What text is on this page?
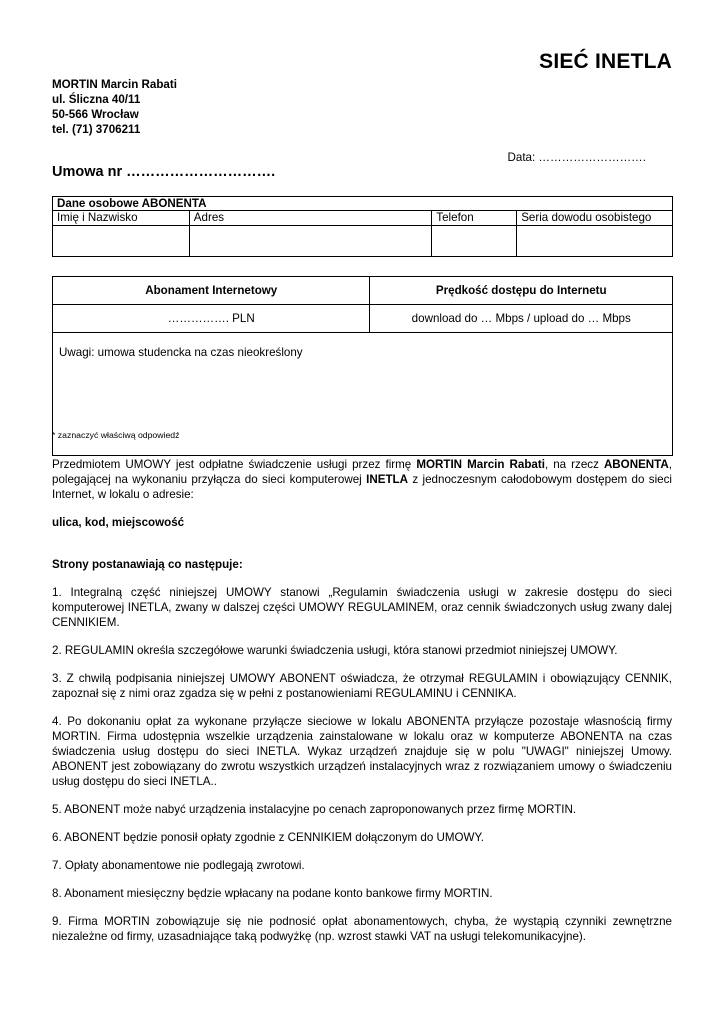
SIEĆ INETLA
MORTIN Marcin Rabati
ul. Śliczna 40/11
50-566 Wrocław
tel. (71) 3706211
Data: ……………………….
Umowa nr ………………………….
Dane osobowe ABONENTA			
Imię i Nazwisko	Adres	Telefon	Seria dowodu osobistego

Abonament Internetowy	Prędkość dostępu do Internetu
……………. PLN	download do … Mbps / upload do … Mbps
Uwagi: umowa studencka na czas nieokreślony	
* zaznaczyć właściwą odpowiedź

Przedmiotem UMOWY jest odpłatne świadczenie usługi przez firmę MORTIN Marcin Rabati, na rzecz ABONENTA, polegającej na wykonaniu przyłącza do sieci komputerowej INETLA z jednoczesnym całodobowym dostępem do sieci Internet, w lokalu o adresie:

ulica, kod, miejscowość

Strony postanawiają co następuje:

1. Integralną część niniejszej UMOWY stanowi „Regulamin świadczenia usługi w zakresie dostępu do sieci komputerowej INETLA, zwany w dalszej części UMOWY REGULAMINEM, oraz cennik świadczonych usług zwany dalej CENNIKIEM.

2. REGULAMIN określa szczegółowe warunki świadczenia usługi, która stanowi przedmiot niniejszej UMOWY.

3. Z chwilą podpisania niniejszej UMOWY ABONENT oświadcza, że otrzymał REGULAMIN i obowiązujący CENNIK, zapoznał się z nimi oraz zgadza się w pełni z postanowieniami REGULAMINU i CENNIKA.

4. Po dokonaniu opłat za wykonane przyłącze sieciowe w lokalu ABONENTA przyłącze pozostaje własnością firmy MORTIN. Firma udostępnia wszelkie urządzenia zainstalowane w lokalu oraz w komputerze ABONENTA na czas świadczenia usług dostępu do sieci INETLA. Wykaz urządzeń znajduje się w polu "UWAGI" niniejszej Umowy. ABONENT jest zobowiązany do zwrotu wszystkich urządzeń instalacyjnych wraz z rozwiązaniem umowy o świadczeniu usług dostępu do sieci INETLA..

5. ABONENT może nabyć urządzenia instalacyjne po cenach zaproponowanych przez firmę MORTIN.

6. ABONENT będzie ponosił opłaty zgodnie z CENNIKIEM dołączonym do UMOWY.

7. Opłaty abonamentowe nie podlegają zwrotowi.

8. Abonament miesięczny będzie wpłacany na podane konto bankowe firmy MORTIN.

9. Firma MORTIN zobowiązuje się nie podnosić opłat abonamentowych, chyba, że wystąpią czynniki zewnętrzne niezależne od firmy, uzasadniające taką podwyżkę (np. wzrost stawki VAT na usługi telekomunikacyjne).
